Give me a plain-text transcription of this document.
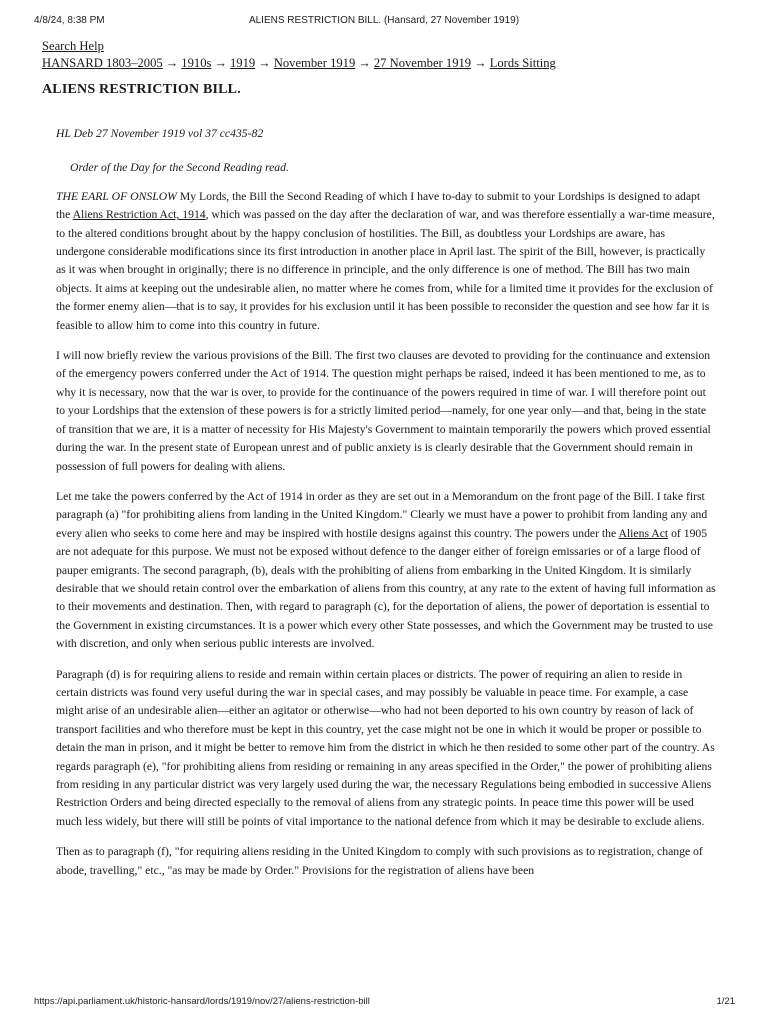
4/8/24, 8:38 PM	ALIENS RESTRICTION BILL. (Hansard, 27 November 1919)
Search Help
HANSARD 1803–2005 → 1910s → 1919 → November 1919 → 27 November 1919 → Lords Sitting
ALIENS RESTRICTION BILL.

HL Deb 27 November 1919 vol 37 cc435-82

Order of the Day for the Second Reading read.

THE EARL OF ONSLOW My Lords, the Bill the Second Reading of which I have to-day to submit to your Lordships is designed to adapt the Aliens Restriction Act, 1914, which was passed on the day after the declaration of war, and was therefore essentially a war-time measure, to the altered conditions brought about by the happy conclusion of hostilities. The Bill, as doubtless your Lordships are aware, has undergone considerable modifications since its first introduction in another place in April last. The spirit of the Bill, however, is practically as it was when brought in originally; there is no difference in principle, and the only difference is one of method. The Bill has two main objects. It aims at keeping out the undesirable alien, no matter where he comes from, while for a limited time it provides for the exclusion of the former enemy alien—that is to say, it provides for his exclusion until it has been possible to reconsider the question and see how far it is feasible to allow him to come into this country in future.

I will now briefly review the various provisions of the Bill. The first two clauses are devoted to providing for the continuance and extension of the emergency powers conferred under the Act of 1914. The question might perhaps be raised, indeed it has been mentioned to me, as to why it is necessary, now that the war is over, to provide for the continuance of the powers required in time of war. I will therefore point out to your Lordships that the extension of these powers is for a strictly limited period—namely, for one year only—and that, being in the state of transition that we are, it is a matter of necessity for His Majesty's Government to maintain temporarily the powers which proved essential during the war. In the present state of European unrest and of public anxiety is is clearly desirable that the Government should remain in possession of full powers for dealing with aliens.

Let me take the powers conferred by the Act of 1914 in order as they are set out in a Memorandum on the front page of the Bill. I take first paragraph (a) "for prohibiting aliens from landing in the United Kingdom." Clearly we must have a power to prohibit from landing any and every alien who seeks to come here and may be inspired with hostile designs against this country. The powers under the Aliens Act of 1905 are not adequate for this purpose. We must not be exposed without defence to the danger either of foreign emissaries or of a large flood of pauper emigrants. The second paragraph, (b), deals with the prohibiting of aliens from embarking in the United Kingdom. It is similarly desirable that we should retain control over the embarkation of aliens from this country, at any rate to the extent of having full information as to their movements and destination. Then, with regard to paragraph (c), for the deportation of aliens, the power of deportation is essential to the Government in existing circumstances. It is a power which every other State possesses, and which the Government may be trusted to use with discretion, and only when serious public interests are involved.

Paragraph (d) is for requiring aliens to reside and remain within certain places or districts. The power of requiring an alien to reside in certain districts was found very useful during the war in special cases, and may possibly be valuable in peace time. For example, a case might arise of an undesirable alien—either an agitator or otherwise—who had not been deported to his own country by reason of lack of transport facilities and who therefore must be kept in this country, yet the case might not be one in which it would be proper or possible to detain the man in prison, and it might be better to remove him from the district in which he then resided to some other part of the country. As regards paragraph (e), "for prohibiting aliens from residing or remaining in any areas specified in the Order," the power of prohibiting aliens from residing in any particular district was very largely used during the war, the necessary Regulations being embodied in successive Aliens Restriction Orders and being directed especially to the removal of aliens from any strategic points. In peace time this power will be used much less widely, but there will still be points of vital importance to the national defence from which it may be desirable to exclude aliens.

Then as to paragraph (f), "for requiring aliens residing in the United Kingdom to comply with such provisions as to registration, change of abode, travelling," etc., "as may be made by Order." Provisions for the registration of aliens have been

https://api.parliament.uk/historic-hansard/lords/1919/nov/27/aliens-restriction-bill	1/21
